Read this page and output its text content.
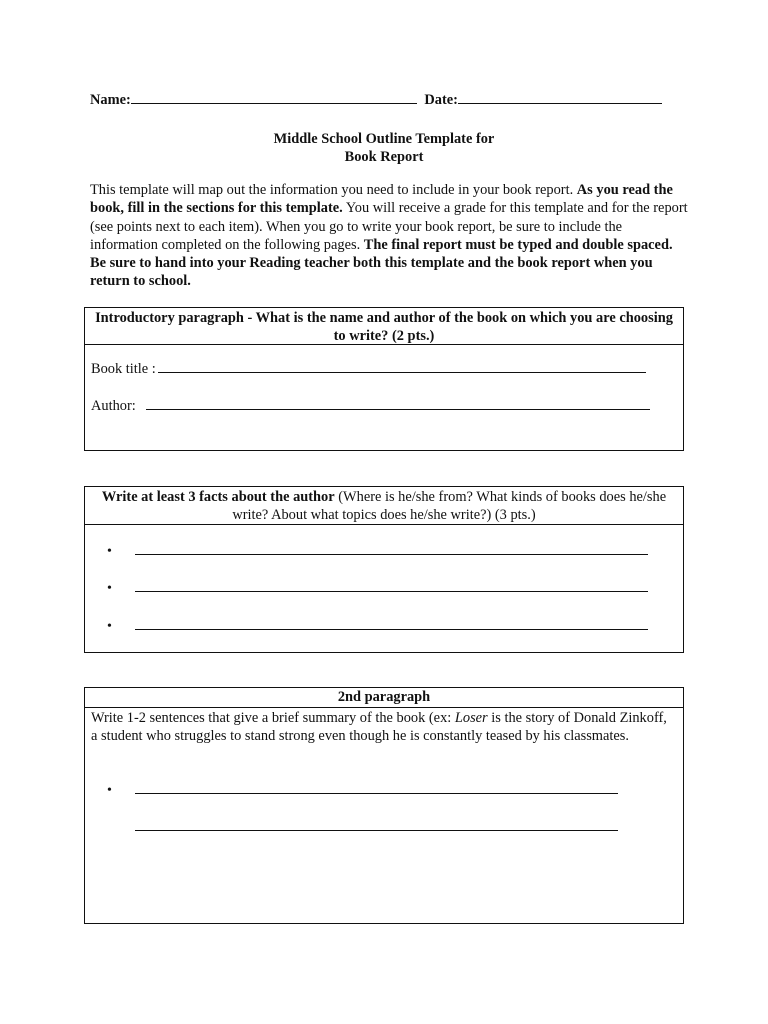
Name:	Date:
Middle School Outline Template for
Book Report
This template will map out the information you need to include in your book report. As you read the book, fill in the sections for this template. You will receive a grade for this template and for the report (see points next to each item). When you go to write your book report, be sure to include the information completed on the following pages. The final report must be typed and double spaced. Be sure to hand into your Reading teacher both this template and the book report when you return to school.
Introductory paragraph - What is the name and author of the book on which you are choosing to write? (2 pts.)
Book title :
Author:
Write at least 3 facts about the author (Where is he/she from? What kinds of books does he/she write? About what topics does he/she write?) (3 pts.)
•
•
•
2nd paragraph
Write 1-2 sentences that give a brief summary of the book (ex: Loser is the story of Donald Zinkoff, a student who struggles to stand strong even though he is constantly teased by his classmates.
•
